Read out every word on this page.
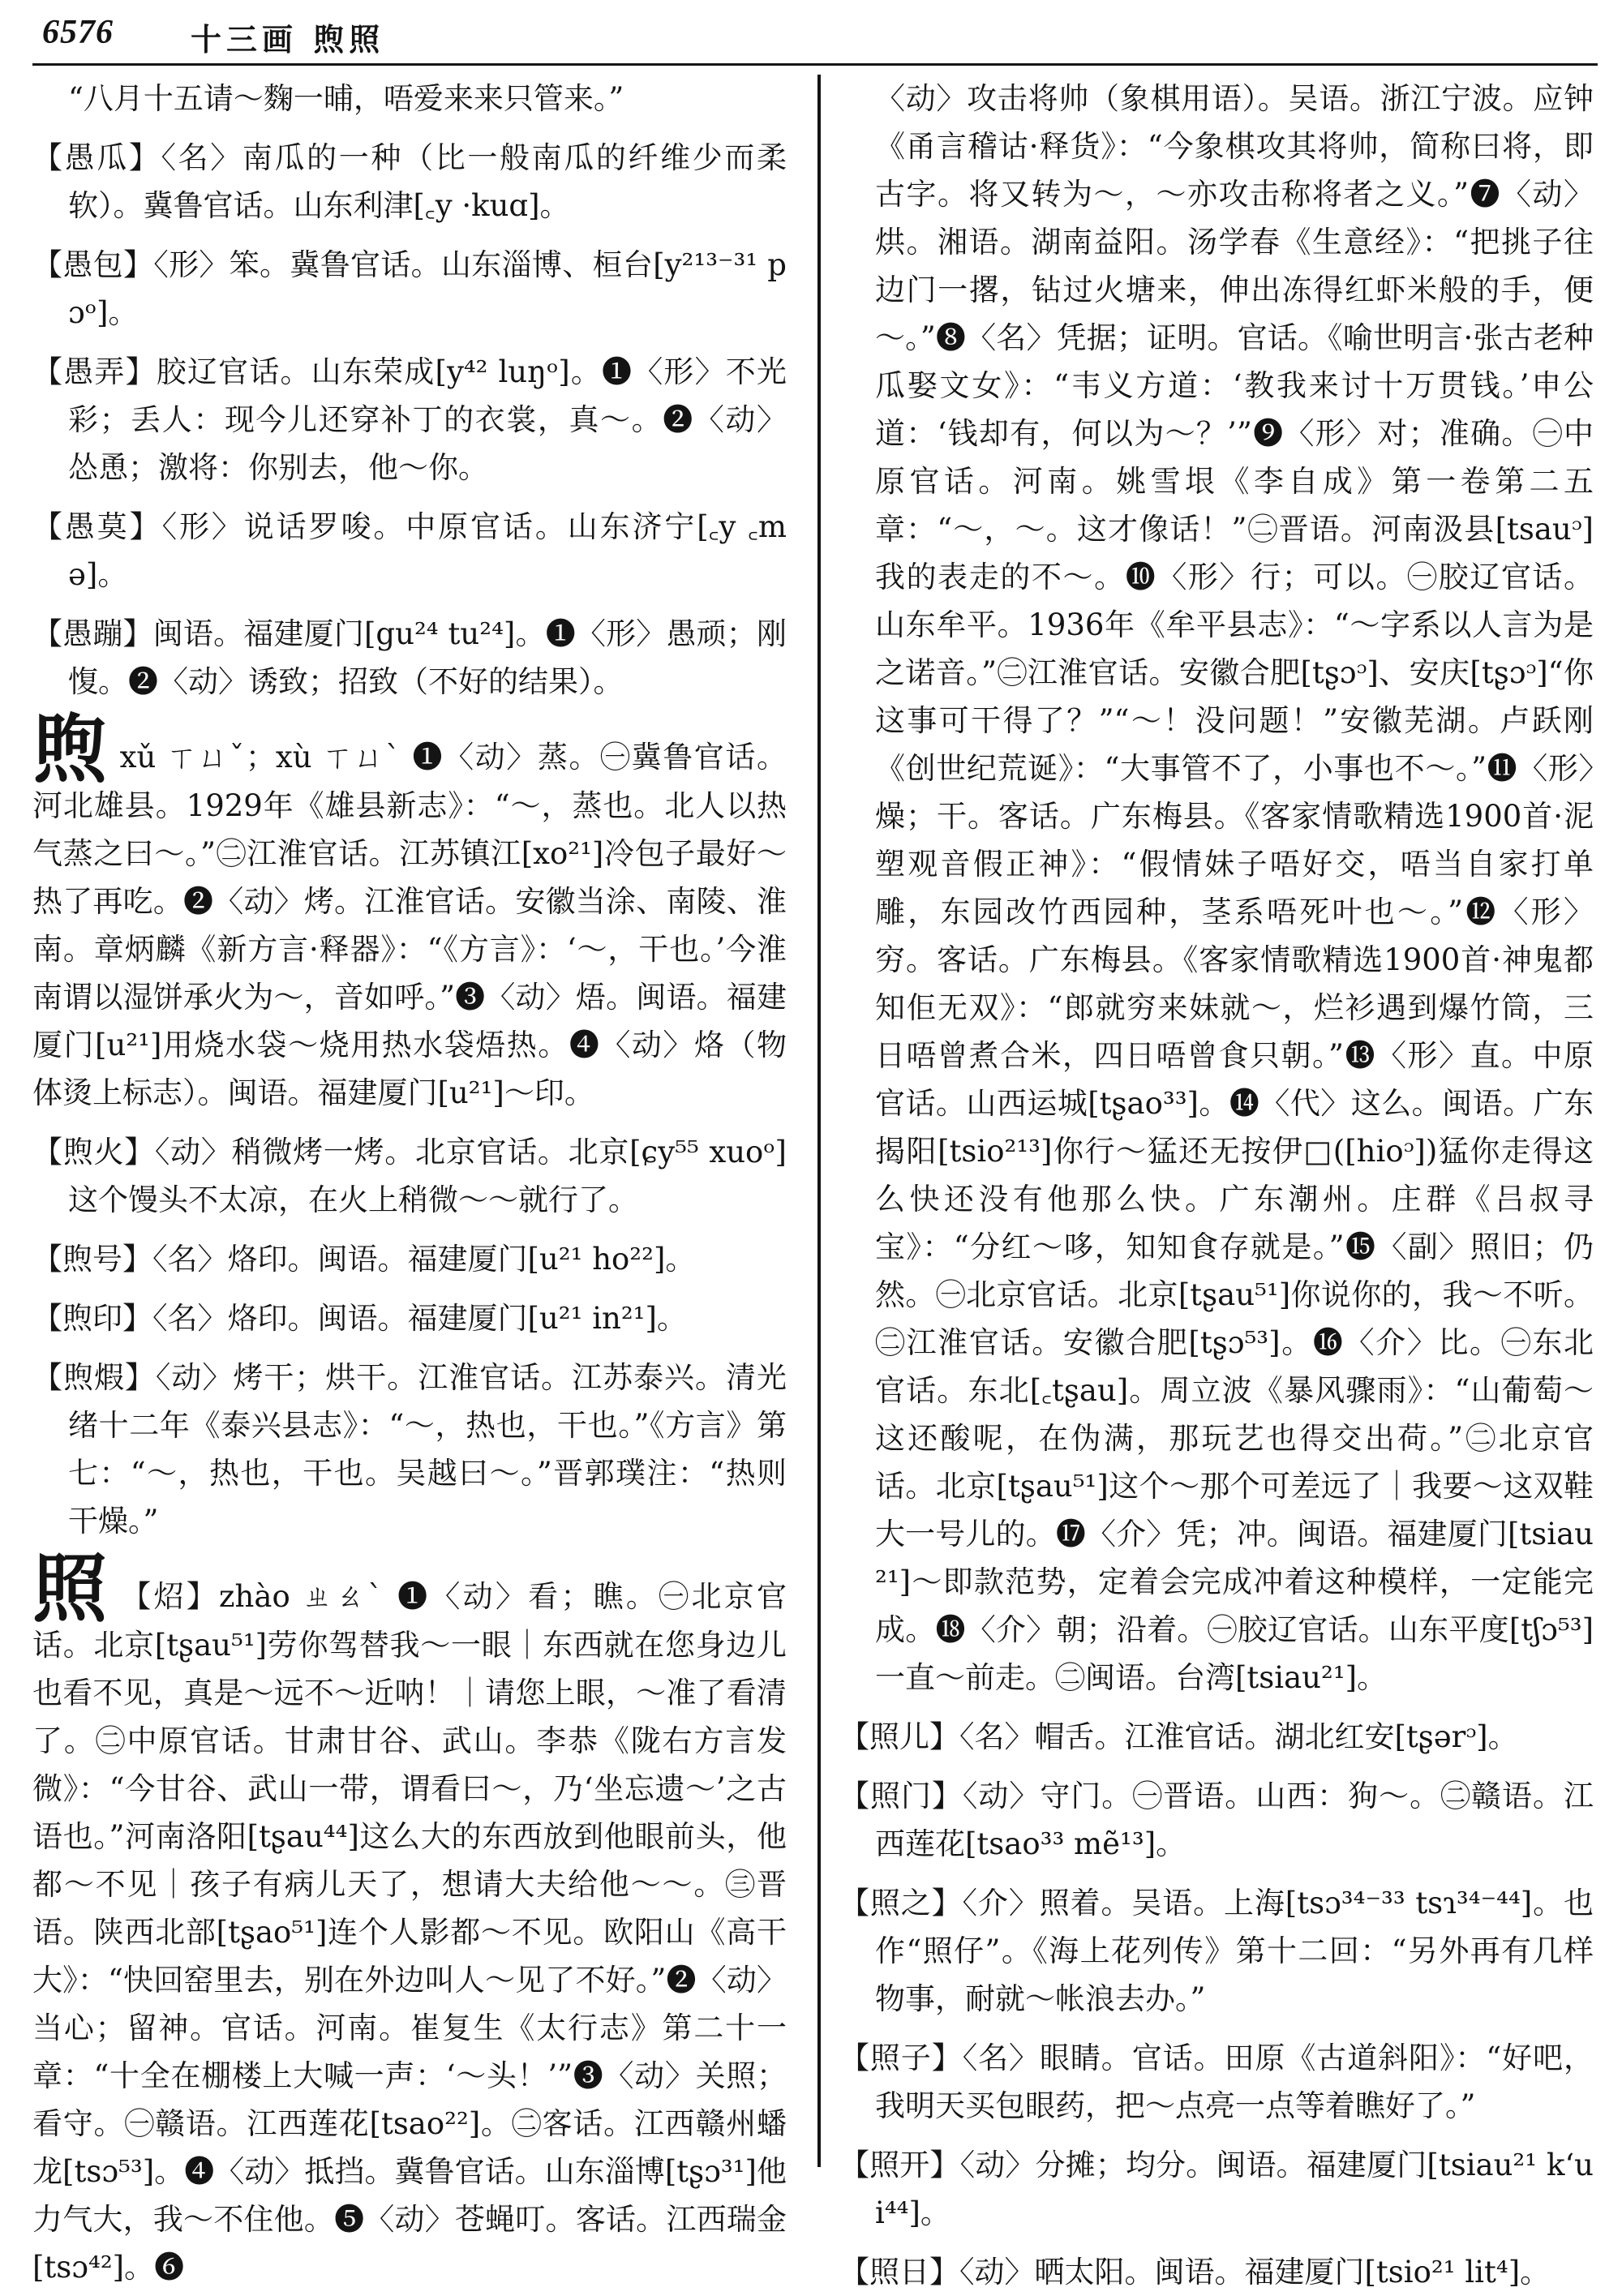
6576	十三画 煦照

“八月十五请～麴一晡，唔爱来来只管来。”

【愚瓜】〈名〉南瓜的一种（比一般南瓜的纤维少而柔软）。冀鲁官话。山东利津[꜀y ·kuɑ]。

【愚包】〈形〉笨。冀鲁官话。山东淄博、桓台[y²¹³⁻³¹ pɔᵒ]。

【愚弄】胶辽官话。山东荣成[y⁴² luŋᵒ]。❶〈形〉不光彩；丢人：现今儿还穿补丁的衣裳，真～。❷〈动〉怂恿；激将：你别去，他～你。

【愚莫】〈形〉说话罗唆。中原官话。山东济宁[꜀y ꜀mə]。

【愚蹦】闽语。福建厦门[gu²⁴ tu²⁴]。❶〈形〉愚顽；刚愎。❷〈动〉诱致；招致（不好的结果）。

煦xǔ ㄒㄩˇ；xù ㄒㄩˋ ❶〈动〉蒸。㊀冀鲁官话。河北雄县。1929年《雄县新志》：“～，蒸也。北人以热气蒸之曰～。”㊁江淮官话。江苏镇江[xo²¹]冷包子最好～热了再吃。❷〈动〉烤。江淮官话。安徽当涂、南陵、淮南。章炳麟《新方言·释器》：“《方言》：‘～，干也。’今淮南谓以湿饼承火为～，音如呼。”❸〈动〉焐。闽语。福建厦门[u²¹]用烧水袋～烧用热水袋焐热。❹〈动〉烙（物体烫上标志）。闽语。福建厦门[u²¹]～印。

【煦火】〈动〉稍微烤一烤。北京官话。北京[ɕy⁵⁵ xuoᵒ]这个馒头不太凉，在火上稍微～～就行了。

【煦号】〈名〉烙印。闽语。福建厦门[u²¹ ho²²]。

【煦印】〈名〉烙印。闽语。福建厦门[u²¹ in²¹]。

【煦煆】〈动〉烤干；烘干。江淮官话。江苏泰兴。清光绪十二年《泰兴县志》：“～，热也，干也。”《方言》第七：“～，热也，干也。吴越曰～。”晋郭璞注：“热则干燥。”

照 【炤】zhào ㄓㄠˋ ❶〈动〉看；瞧。㊀北京官话。北京[tʂau⁵¹]劳你驾替我～一眼｜东西就在您身边儿也看不见，真是～远不～近呐！｜请您上眼，～准了看清了。㊁中原官话。甘肃甘谷、武山。李恭《陇右方言发微》：“今甘谷、武山一带，谓看曰～，乃‘坐忘遗～’之古语也。”河南洛阳[tʂau⁴⁴]这么大的东西放到他眼前头，他都～不见｜孩子有病儿天了，想请大夫给他～～。㊂晋语。陕西北部[tʂao⁵¹]连个人影都～不见。欧阳山《高干大》：“快回窑里去，别在外边叫人～见了不好。”❷〈动〉当心；留神。官话。河南。崔复生《太行志》第二十一章：“十全在棚楼上大喊一声：‘～头！’”❸〈动〉关照；看守。㊀赣语。江西莲花[tsao²²]。㊁客话。江西赣州蟠龙[tsɔ⁵³]。❹〈动〉抵挡。冀鲁官话。山东淄博[tʂɔ³¹]他力气大，我～不住他。❺〈动〉苍蝇叮。客话。江西瑞金[tsɔ⁴²]。❻

〈动〉攻击将帅（象棋用语）。吴语。浙江宁波。应钟《甬言稽诂·释货》：“今象棋攻其将帅，简称曰将，即古字。将又转为～，～亦攻击称将者之义。”❼〈动〉烘。湘语。湖南益阳。汤学春《生意经》：“把挑子往边门一撂，钻过火塘来，伸出冻得红虾米般的手，便～。”❽〈名〉凭据；证明。官话。《喻世明言·张古老种瓜娶文女》：“韦义方道：‘教我来讨十万贯钱。’申公道：‘钱却有，何以为～？’”❾〈形〉对；准确。㊀中原官话。河南。姚雪垠《李自成》第一卷第二五章：“～，～。这才像话！”㊁晋语。河南汲县[tsauᵓ]我的表走的不～。❿〈形〉行；可以。㊀胶辽官话。山东牟平。1936年《牟平县志》：“～字系以人言为是之诺音。”㊁江淮官话。安徽合肥[tʂɔᵓ]、安庆[tʂɔᵓ]“你这事可干得了？”“～！没问题！”安徽芜湖。卢跃刚《创世纪荒诞》：“大事管不了，小事也不～。”⓫〈形〉燥；干。客话。广东梅县。《客家情歌精选1900首·泥塑观音假正神》：“假情妹子唔好交，唔当自家打单雕，东园改竹西园种，茎系唔死叶也～。”⓬〈形〉穷。客话。广东梅县。《客家情歌精选1900首·神鬼都知佢无双》：“郎就穷来妹就～，烂衫遇到爆竹筒，三日唔曾煮合米，四日唔曾食只朝。”⓭〈形〉直。中原官话。山西运城[tʂao³³]。⓮〈代〉这么。闽语。广东揭阳[tsio²¹³]你行～猛还无按伊□([hioᵓ])猛你走得这么快还没有他那么快。广东潮州。庄群《吕叔寻宝》：“分红～哆，知知食存就是。”⓯〈副〉照旧；仍然。㊀北京官话。北京[tʂau⁵¹]你说你的，我～不听。㊁江淮官话。安徽合肥[tʂɔ⁵³]。⓰〈介〉比。㊀东北官话。东北[꜀tʂau]。周立波《暴风骤雨》：“山葡萄～这还酸呢，在伪满，那玩艺也得交出荷。”㊁北京官话。北京[tʂau⁵¹]这个～那个可差远了｜我要～这双鞋大一号儿的。⓱〈介〉凭；冲。闽语。福建厦门[tsiau²¹]～即款范势，定着会完成冲着这种模样，一定能完成。⓲〈介〉朝；沿着。㊀胶辽官话。山东平度[tʃɔ⁵³]一直～前走。㊁闽语。台湾[tsiau²¹]。

【照儿】〈名〉帽舌。江淮官话。湖北红安[tʂərᵓ]。

【照门】〈动〉守门。㊀晋语。山西：狗～。㊁赣语。江西莲花[tsao³³ mẽ¹³]。

【照之】〈介〉照着。吴语。上海[tsɔ³⁴⁻³³ tsɿ³⁴⁻⁴⁴]。也作“照仔”。《海上花列传》第十二回：“另外再有几样物事，耐就～帐浪去办。”

【照子】〈名〉眼睛。官话。田原《古道斜阳》：“好吧，我明天买包眼药，把～点亮一点等着瞧好了。”

【照开】〈动〉分摊；均分。闽语。福建厦门[tsiau²¹ k‘ui⁴⁴]。

【照日】〈动〉晒太阳。闽语。福建厦门[tsio²¹ lit⁴]。
